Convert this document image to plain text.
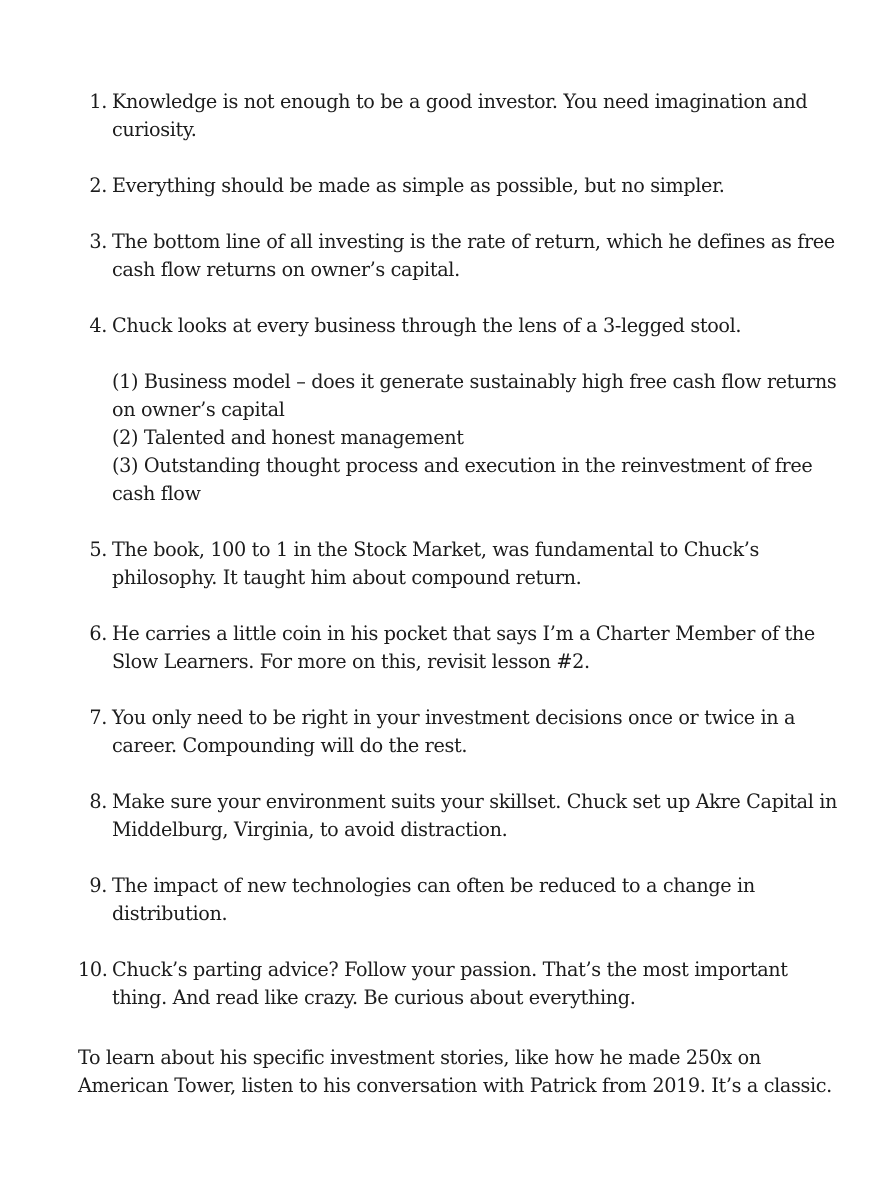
1. Knowledge is not enough to be a good investor. You need imagination and curiosity.
2. Everything should be made as simple as possible, but no simpler.
3. The bottom line of all investing is the rate of return, which he defines as free cash flow returns on owner’s capital.
4. Chuck looks at every business through the lens of a 3-legged stool.

(1) Business model – does it generate sustainably high free cash flow returns on owner’s capital

(2) Talented and honest management

(3) Outstanding thought process and execution in the reinvestment of free cash flow

5. The book, 100 to 1 in the Stock Market, was fundamental to Chuck’s philosophy. It taught him about compound return.
6. He carries a little coin in his pocket that says I’m a Charter Member of the Slow Learners. For more on this, revisit lesson #2.
7. You only need to be right in your investment decisions once or twice in a career. Compounding will do the rest.
8. Make sure your environment suits your skillset. Chuck set up Akre Capital in Middelburg, Virginia, to avoid distraction.
9. The impact of new technologies can often be reduced to a change in distribution.
10. Chuck’s parting advice? Follow your passion. That’s the most important thing. And read like crazy. Be curious about everything.

To learn about his specific investment stories, like how he made 250x on American Tower, listen to his conversation with Patrick from 2019. It’s a classic.
